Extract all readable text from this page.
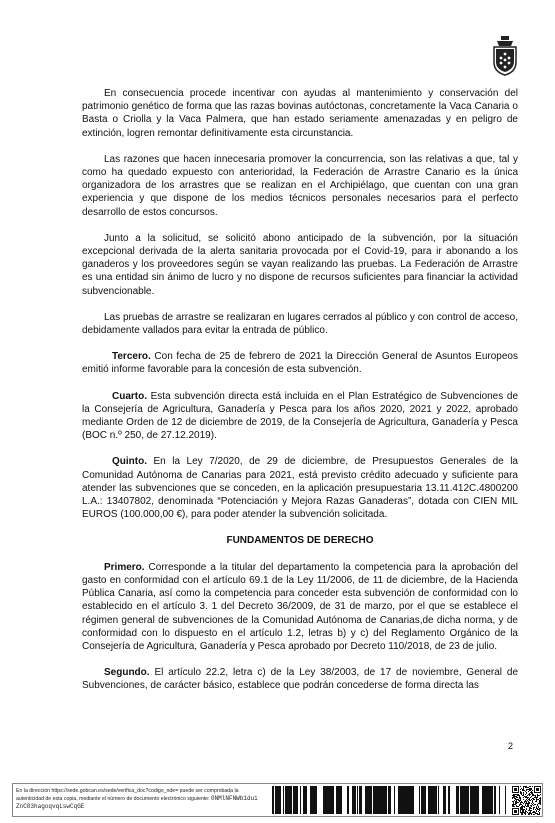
En consecuencia procede incentivar con ayudas al mantenimiento y conservación del patrimonio genético de forma que las razas bovinas autóctonas, concretamente la Vaca Canaria o Basta o Criolla y la Vaca Palmera, que han estado seriamente amenazadas y en peligro de extinción, logren remontar definitivamente esta circunstancia.

Las razones que hacen innecesaria promover la concurrencia, son las relativas a que, tal y como ha quedado expuesto con anterioridad, la Federación de Arrastre Canario es la única organizadora de los arrastres que se realizan en el Archipiélago, que cuentan con una gran experiencia y que dispone de los medios técnicos personales necesarios para el perfecto desarrollo de estos concursos.

Junto a la solicitud, se solicitó abono anticipado de la subvención, por la situación excepcional derivada de la alerta sanitaria provocada por el Covid-19, para ir abonando a los ganaderos y los proveedores según se vayan realizando las pruebas. La Federación de Arrastre es una entidad sin ánimo de lucro y no dispone de recursos suficientes para financiar la actividad subvencionable.

Las pruebas de arrastre se realizaran en lugares cerrados al público y con control de acceso, debidamente vallados para evitar la entrada de público.

Tercero. Con fecha de 25 de febrero de 2021 la Dirección General de Asuntos Europeos emitió informe favorable para la concesión de esta subvención.

Cuarto. Esta subvención directa está incluida en el Plan Estratégico de Subvenciones de la Consejería de Agricultura, Ganadería y Pesca para los años 2020, 2021 y 2022, aprobado mediante Orden de 12 de diciembre de 2019, de la Consejería de Agricultura, Ganadería y Pesca (BOC n.º 250, de 27.12.2019).

Quinto. En la Ley 7/2020, de 29 de diciembre, de Presupuestos Generales de la Comunidad Autónoma de Canarias para 2021, está previsto crédito adecuado y suficiente para atender las subvenciones que se conceden, en la aplicación presupuestaria 13.11.412C.4800200 L.A.: 13407802, denominada “Potenciación y Mejora Razas Ganaderas”, dotada con CIEN MIL EUROS (100.000,00 €), para poder atender la subvención solicitada.

FUNDAMENTOS DE DERECHO

Primero. Corresponde a la titular del departamento la competencia para la aprobación del gasto en conformidad con el artículo 69.1 de la Ley 11/2006, de 11 de diciembre, de la Hacienda Pública Canaria, así como la competencia para conceder esta subvención de conformidad con lo establecido en el artículo 3. 1 del Decreto 36/2009, de 31 de marzo, por el que se establece el régimen general de subvenciones de la Comunidad Autónoma de Canarias,de dicha norma, y de conformidad con lo dispuesto en el artículo 1.2, letras b) y c) del Reglamento Orgánico de la Consejería de Agricultura, Ganadería y Pesca aprobado por Decreto 110/2018, de 23 de julio.

Segundo. El artículo 22.2, letra c) de la Ley 38/2003, de 17 de noviembre, General de Subvenciones, de carácter básico, establece que podrán concederse de forma directa las

2
En la dirección https://sede.gobcan.es/sede/verifica_doc?codigo_nde= puede ser comprobada la autenticidad de esta copia, mediante el número de documento electrónico siguiente: 0NMlNFNWb1dui ZnC83hagoqvqLswCqGE
